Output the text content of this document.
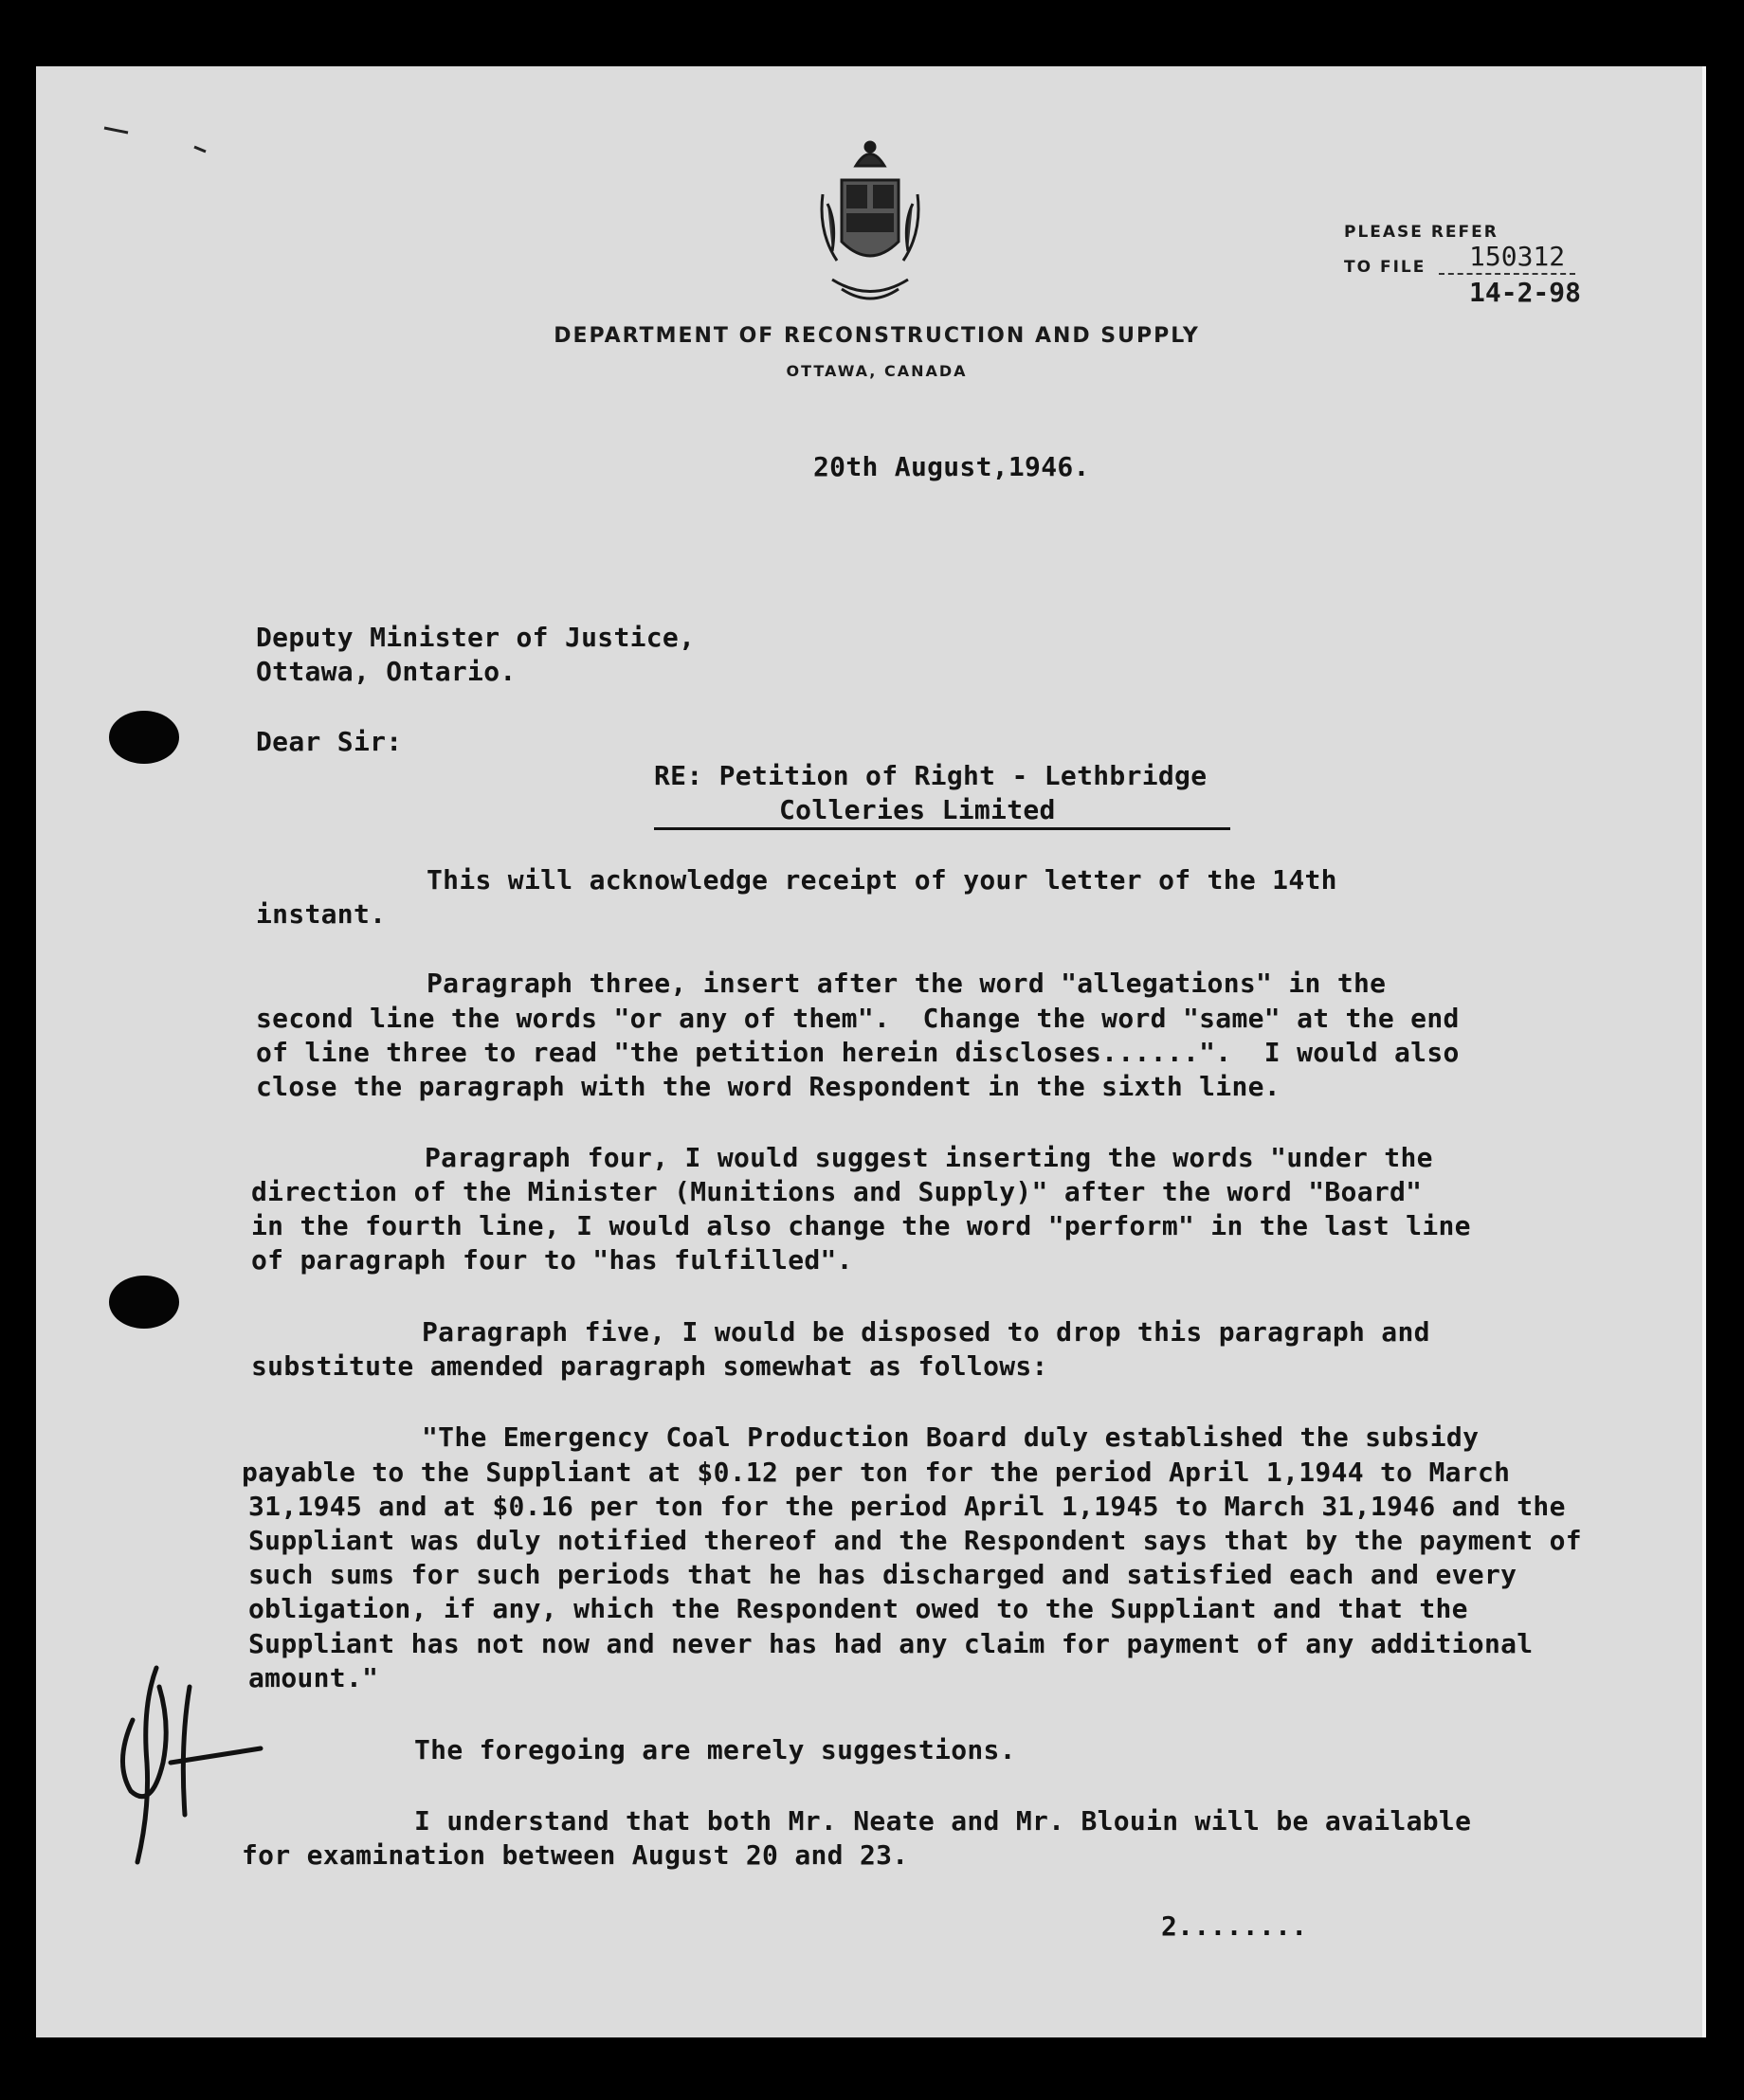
DEPARTMENT OF RECONSTRUCTION AND SUPPLY
OTTAWA, CANADA
PLEASE REFER
TO FILE 150312
14-2-98
20th August,1946.
Deputy Minister of Justice,
Ottawa, Ontario.
Dear Sir:
RE: Petition of Right - Lethbridge
Colleries Limited
This will acknowledge receipt of your letter of the 14th
instant.
Paragraph three, insert after the word "allegations" in the
second line the words "or any of them".  Change the word "same" at the end
of line three to read "the petition herein discloses......".  I would also
close the paragraph with the word Respondent in the sixth line.
Paragraph four, I would suggest inserting the words "under the
direction of the Minister (Munitions and Supply)" after the word "Board"
in the fourth line, I would also change the word "perform" in the last line
of paragraph four to "has fulfilled".
Paragraph five, I would be disposed to drop this paragraph and
substitute amended paragraph somewhat as follows:
"The Emergency Coal Production Board duly established the subsidy
payable to the Suppliant at $0.12 per ton for the period April 1,1944 to March
31,1945 and at $0.16 per ton for the period April 1,1945 to March 31,1946 and the
Suppliant was duly notified thereof and the Respondent says that by the payment of
such sums for such periods that he has discharged and satisfied each and every
obligation, if any, which the Respondent owed to the Suppliant and that the
Suppliant has not now and never has had any claim for payment of any additional
amount."
The foregoing are merely suggestions.
I understand that both Mr. Neate and Mr. Blouin will be available
for examination between August 20 and 23.
2........
